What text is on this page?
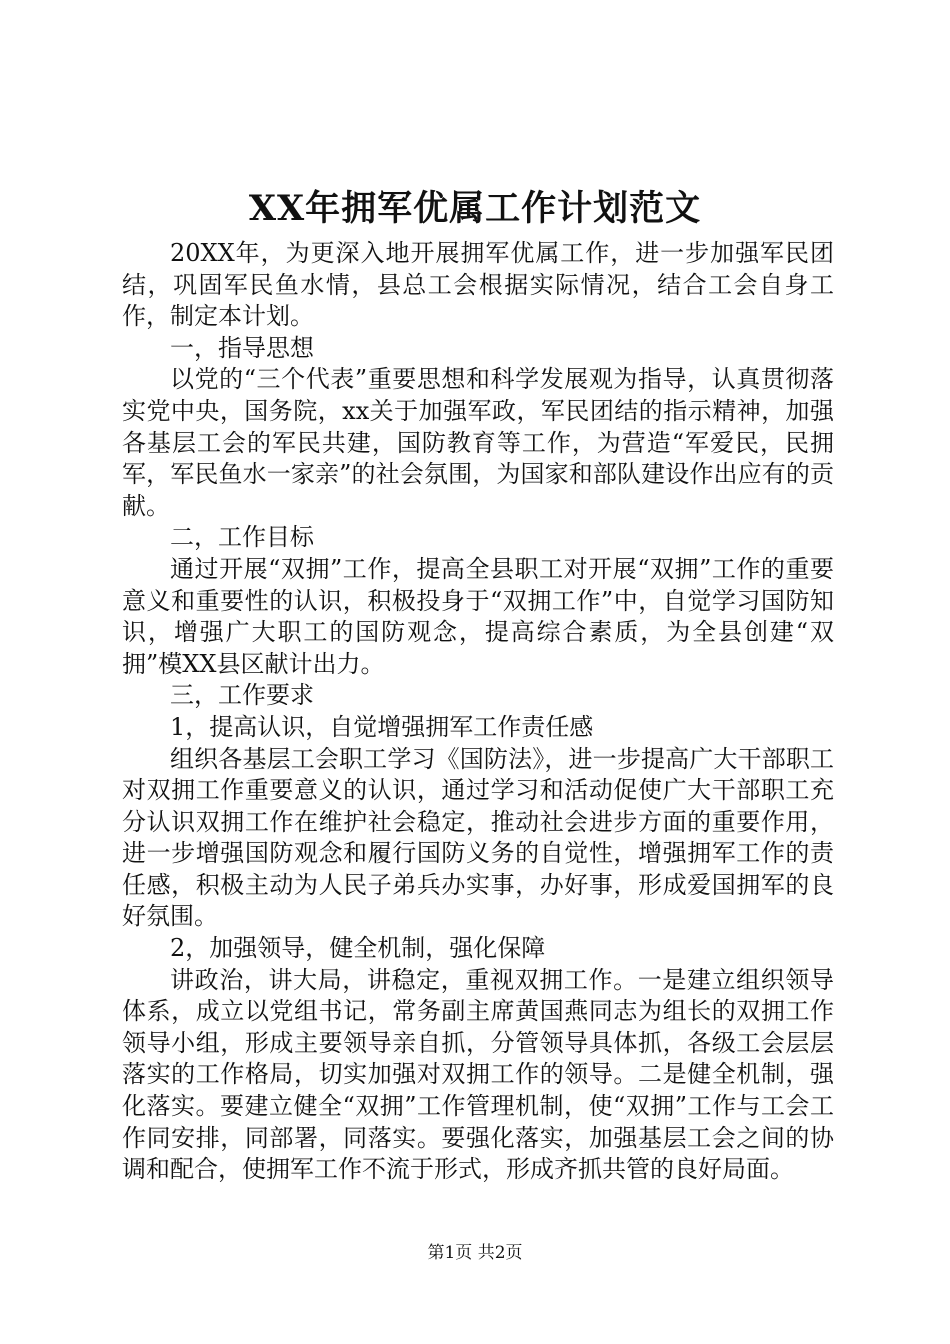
XX年拥军优属工作计划范文

20XX年，为更深入地开展拥军优属工作，进一步加强军民团结，巩固军民鱼水情，县总工会根据实际情况，结合工会自身工作，制定本计划。

一，指导思想

以党的“三个代表”重要思想和科学发展观为指导，认真贯彻落实党中央，国务院，xx关于加强军政，军民团结的指示精神，加强各基层工会的军民共建，国防教育等工作，为营造“军爱民，民拥军，军民鱼水一家亲”的社会氛围，为国家和部队建设作出应有的贡献。

二，工作目标

通过开展“双拥”工作，提高全县职工对开展“双拥”工作的重要意义和重要性的认识，积极投身于“双拥工作”中，自觉学习国防知识，增强广大职工的国防观念，提高综合素质，为全县创建“双拥”模XX县区献计出力。

三，工作要求

1，提高认识，自觉增强拥军工作责任感

组织各基层工会职工学习《国防法》，进一步提高广大干部职工对双拥工作重要意义的认识，通过学习和活动促使广大干部职工充分认识双拥工作在维护社会稳定，推动社会进步方面的重要作用，进一步增强国防观念和履行国防义务的自觉性，增强拥军工作的责任感，积极主动为人民子弟兵办实事，办好事，形成爱国拥军的良好氛围。

2，加强领导，健全机制，强化保障

讲政治，讲大局，讲稳定，重视双拥工作。一是建立组织领导体系，成立以党组书记，常务副主席黄国燕同志为组长的双拥工作领导小组，形成主要领导亲自抓，分管领导具体抓，各级工会层层落实的工作格局，切实加强对双拥工作的领导。二是健全机制，强化落实。要建立健全“双拥”工作管理机制，使“双拥”工作与工会工作同安排，同部署，同落实。要强化落实，加强基层工会之间的协调和配合，使拥军工作不流于形式，形成齐抓共管的良好局面。

第1页 共2页
